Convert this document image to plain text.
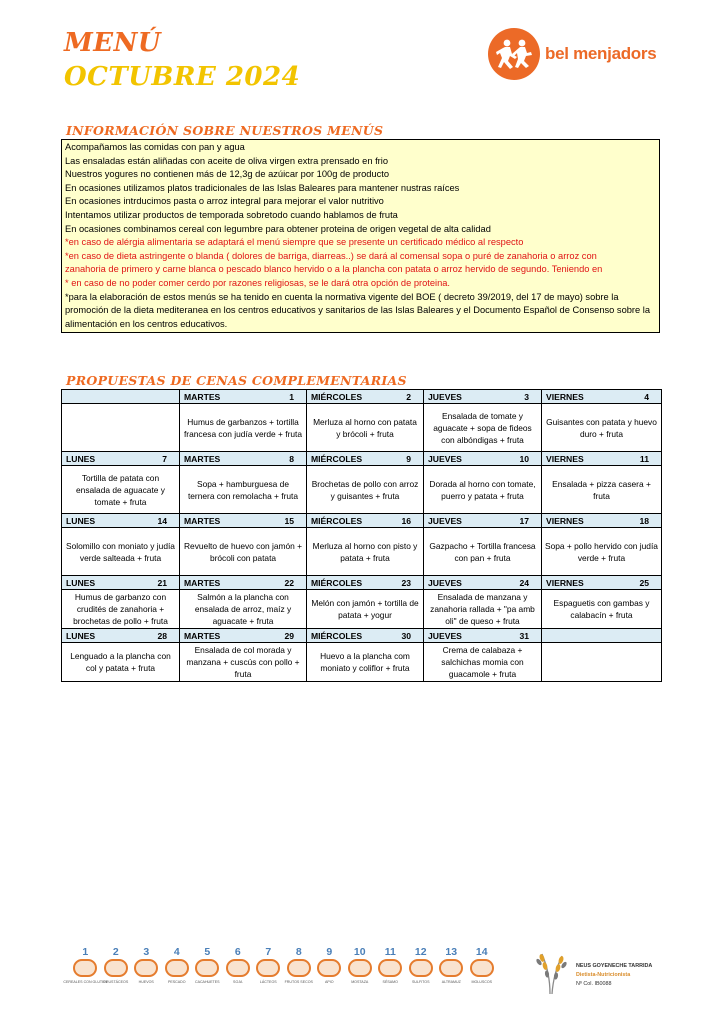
MENÚ
OCTUBRE 2024
bel menjadors
INFORMACIÓN SOBRE NUESTROS MENÚS
Acompañamos las comidas con pan y agua
Las ensaladas están aliñadas con aceite de oliva virgen extra prensado en frio
Nuestros yogures no contienen más de 12,3g de azúicar por 100g de producto
En ocasiones utilizamos platos tradicionales de las Islas Baleares para mantener nustras raíces
En ocasiones intrducimos pasta o arroz integral para mejorar el valor nutritivo
Intentamos utilizar productos de temporada sobretodo cuando hablamos de fruta
En ocasiones combinamos cereal con legumbre para obtener proteina de origen vegetal de alta calidad
*en caso de alérgia alimentaria se adaptará el menú siempre que se presente un certificado médico al respecto
*en caso de dieta astringente o blanda ( dolores de barriga, diarreas..) se dará al comensal sopa o puré de zanahoria o arroz con
zanahoria de primero y carne blanca o pescado blanco hervido o a la plancha con patata o arroz hervido de segundo. Teniendo en
* en caso de no poder comer cerdo por razones religiosas, se le dará otra opción de proteina.
*para la elaboración de estos menús se ha tenido en cuenta la normativa vigente del BOE ( decreto 39/2019, del 17 de mayo) sobre la promoción de la dieta mediteranea en los centros educativos y sanitarios de las Islas Baleares y el Documento Español de Consenso sobre la alimentación en los centros educativos.
PROPUESTAS DE CENAS COMPLEMENTARIAS

	MARTES 1	MIÉRCOLES 2	JUEVES 3	VIERNES 4

	Humus de garbanzos + tortilla francesa con judía verde + fruta	Merluza al horno con patata y brócoli + fruta	Ensalada de tomate y aguacate + sopa de fideos con albóndigas + fruta	Guisantes con patata y huevo duro + fruta

LUNES 7	MARTES 8	MIÉRCOLES 9	JUEVES 10	VIERNES 11

Tortilla de patata con ensalada de aguacate y tomate + fruta	Sopa + hamburguesa de ternera con remolacha + fruta	Brochetas de pollo con arroz y guisantes + fruta	Dorada al horno con tomate, puerro y patata + fruta	Ensalada + pizza casera + fruta

LUNES 14	MARTES 15	MIÉRCOLES 16	JUEVES 17	VIERNES 18

Solomillo con moniato y judía verde salteada + fruta	Revuelto de huevo con jamón + brócoli con patata	Merluza al horno con pisto y patata + fruta	Gazpacho + Tortilla francesa con pan + fruta	Sopa + pollo hervido con judía verde + fruta

LUNES 21	MARTES 22	MIÉRCOLES 23	JUEVES 24	VIERNES 25

Humus de garbanzo con crudités de zanahoria + brochetas de pollo + fruta	Salmón a la plancha con ensalada de arroz, maíz y aguacate + fruta	Melón con jamón + tortilla de patata + yogur	Ensalada de manzana y zanahoria rallada + "pa amb oli" de queso + fruta	Espaguetis con gambas y calabacín + fruta

LUNES 28	MARTES 29	MIÉRCOLES 30	JUEVES 31	

Lenguado a la plancha con col y patata + fruta	Ensalada de col morada y manzana + cuscús con pollo + fruta	Huevo a la plancha com moniato y coliflor + fruta	Crema de calabaza + salchichas momia con guacamole + fruta	
1
CEREALES CON GLUTEN
2
CRUSTÁCEOS
3
HUEVOS
4
PESCADO
5
CACAHUETES
6
SOJA
7
LÁCTEOS
8
FRUTOS SECOS
9
APIO
10
MOSTAZA
11
SÉSAMO
12
SULFITOS
13
ALTRAMUZ
14
MOLUSCOS
NEUS GOYENECHE TARRIDA
Dietista-Nutricionista
Nº Col. IB0088
